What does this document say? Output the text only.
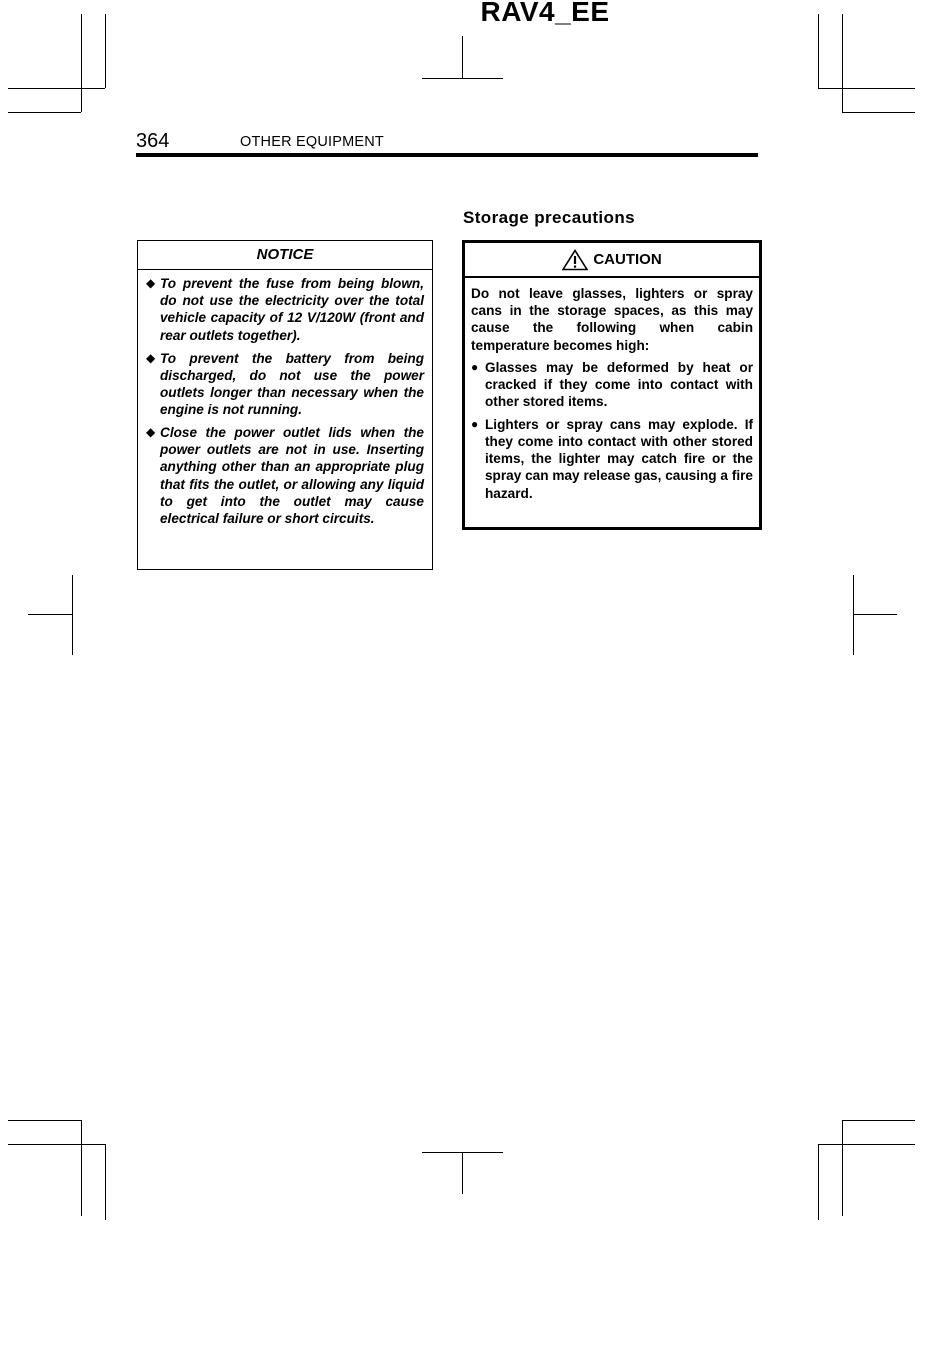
RAV4_EE
364	OTHER EQUIPMENT
NOTICE
◆ To prevent the fuse from being blown, do not use the electricity over the total vehicle capacity of 12 V/120W (front and rear outlets together).
◆ To prevent the battery from being discharged, do not use the power outlets longer than necessary when the engine is not running.
◆ Close the power outlet lids when the power outlets are not in use. Inserting anything other than an appropriate plug that fits the outlet, or allowing any liquid to get into the outlet may cause electrical failure or short circuits.
Storage precautions
CAUTION
Do not leave glasses, lighters or spray cans in the storage spaces, as this may cause the following when cabin temperature becomes high:
● Glasses may be deformed by heat or cracked if they come into contact with other stored items.
● Lighters or spray cans may explode. If they come into contact with other stored items, the lighter may catch fire or the spray can may release gas, causing a fire hazard.
